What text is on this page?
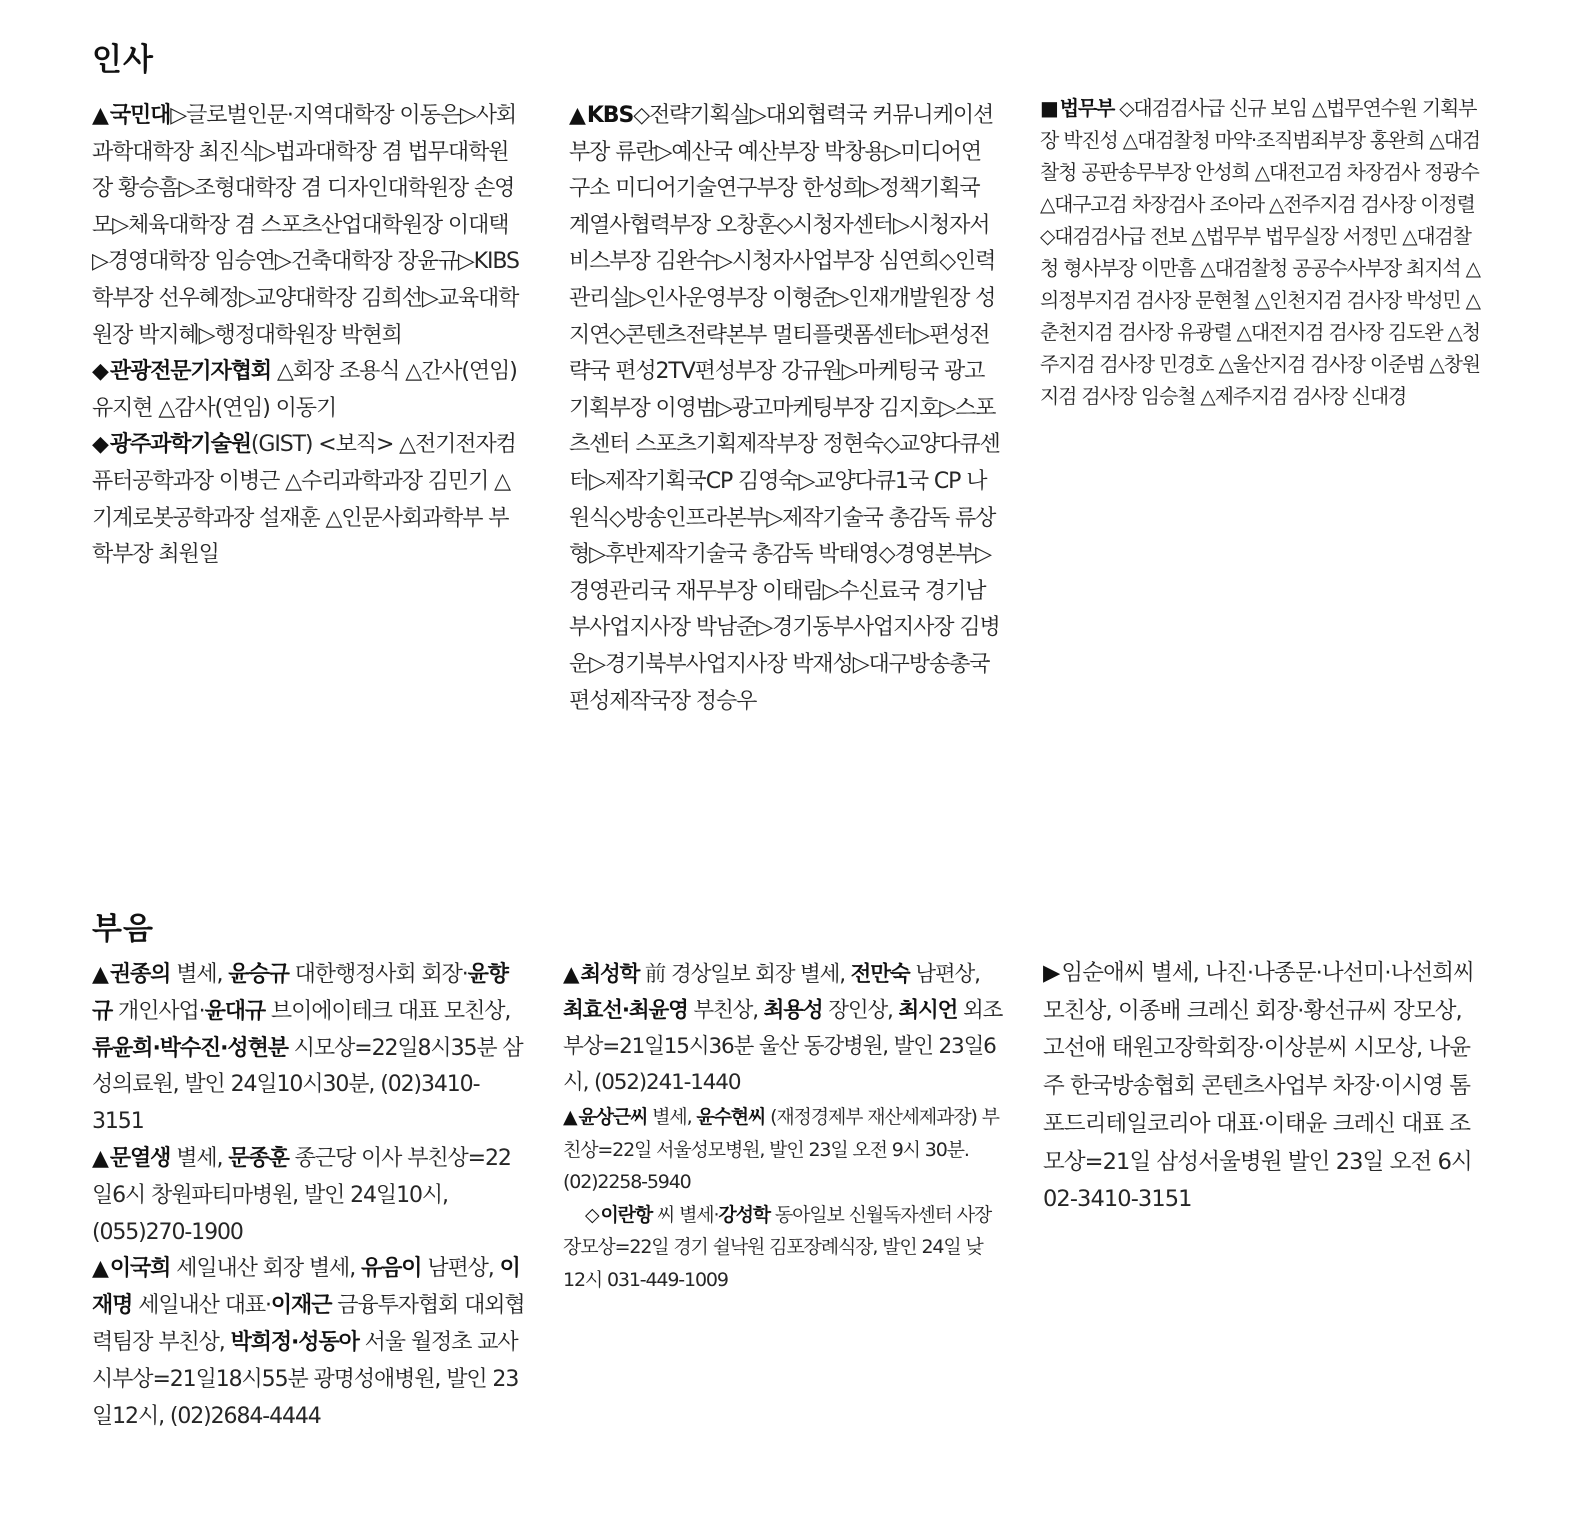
인사

▲국민대▷글로벌인문·지역대학장 이동은▷사회과학대학장 최진식▷법과대학장 겸 법무대학원장 황승흠▷조형대학장 겸 디자인대학원장 손영모▷체육대학장 겸 스포츠산업대학원장 이대택▷경영대학장 임승연▷건축대학장 장윤규▷KIBS학부장 선우혜정▷교양대학장 김희선▷교육대학원장 박지혜▷행정대학원장 박현희

◆관광전문기자협회 △회장 조용식 △간사(연임) 유지현 △감사(연임) 이동기

◆광주과학기술원(GIST) <보직> △전기전자컴퓨터공학과장 이병근 △수리과학과장 김민기 △기계로봇공학과장 설재훈 △인문사회과학부 부학부장 최원일

▲KBS◇전략기획실▷대외협력국 커뮤니케이션부장 류란▷예산국 예산부장 박창용▷미디어연구소 미디어기술연구부장 한성희▷정책기획국 계열사협력부장 오창훈◇시청자센터▷시청자서비스부장 김완수▷시청자사업부장 심연희◇인력관리실▷인사운영부장 이형준▷인재개발원장 성지연◇콘텐츠전략본부 멀티플랫폼센터▷편성전략국 편성2TV편성부장 강규원▷마케팅국 광고기획부장 이영범▷광고마케팅부장 김지호▷스포츠센터 스포츠기획제작부장 정현숙◇교양다큐센터▷제작기획국CP 김영숙▷교양다큐1국 CP 나원식◇방송인프라본부▷제작기술국 총감독 류상형▷후반제작기술국 총감독 박태영◇경영본부▷경영관리국 재무부장 이태림▷수신료국 경기남부사업지사장 박남준▷경기동부사업지사장 김병운▷경기북부사업지사장 박재성▷대구방송총국 편성제작국장 정승우

■ 법무부 ◇대검검사급 신규 보임 △법무연수원 기획부장 박진성 △대검찰청 마약·조직범죄부장 홍완희 △대검찰청 공판송무부장 안성희 △대전고검 차장검사 정광수 △대구고검 차장검사 조아라 △전주지검 검사장 이정렬 ◇대검검사급 전보 △법무부 법무실장 서정민 △대검찰청 형사부장 이만흠 △대검찰청 공공수사부장 최지석 △의정부지검 검사장 문현철 △인천지검 검사장 박성민 △춘천지검 검사장 유광렬 △대전지검 검사장 김도완 △청주지검 검사장 민경호 △울산지검 검사장 이준범 △창원지검 검사장 임승철 △제주지검 검사장 신대경

부음

▲권종의 별세, 윤승규 대한행정사회 회장·윤향규 개인사업·윤대규 브이에이테크 대표 모친상, 류윤희·박수진·성현분 시모상=22일8시35분 삼성의료원, 발인 24일10시30분, (02)3410-3151

▲문열생 별세, 문종훈 종근당 이사 부친상=22일6시 창원파티마병원, 발인 24일10시, (055)270-1900

▲이국희 세일내산 회장 별세, 유음이 남편상, 이재명 세일내산 대표·이재근 금융투자협회 대외협력팀장 부친상, 박희정·성동아 서울 월정초 교사 시부상=21일18시55분 광명성애병원, 발인 23일12시, (02)2684-4444

▲최성학 前 경상일보 회장 별세, 전만숙 남편상, 최효선·최윤영 부친상, 최용성 장인상, 최시언 외조부상=21일15시36분 울산 동강병원, 발인 23일6시, (052)241-1440

▲ 윤상근씨 별세, 윤수현씨 (재정경제부 재산세제과장) 부친상=22일 서울성모병원, 발인 23일 오전 9시 30분. (02)2258-5940

◇ 이란항 씨 별세·강성학 동아일보 신월독자센터 사장 장모상=22일 경기 쉴낙원 김포장례식장, 발인 24일 낮 12시 031-449-1009

▶임순애씨 별세, 나진·나종문·나선미·나선희씨 모친상, 이종배 크레신 회장·황선규씨 장모상, 고선애 태원고장학회장·이상분씨 시모상, 나윤주 한국방송협회 콘텐츠사업부 차장·이시영 톰포드리테일코리아 대표·이태윤 크레신 대표 조모상=21일 삼성서울병원 발인 23일 오전 6시 02-3410-3151
